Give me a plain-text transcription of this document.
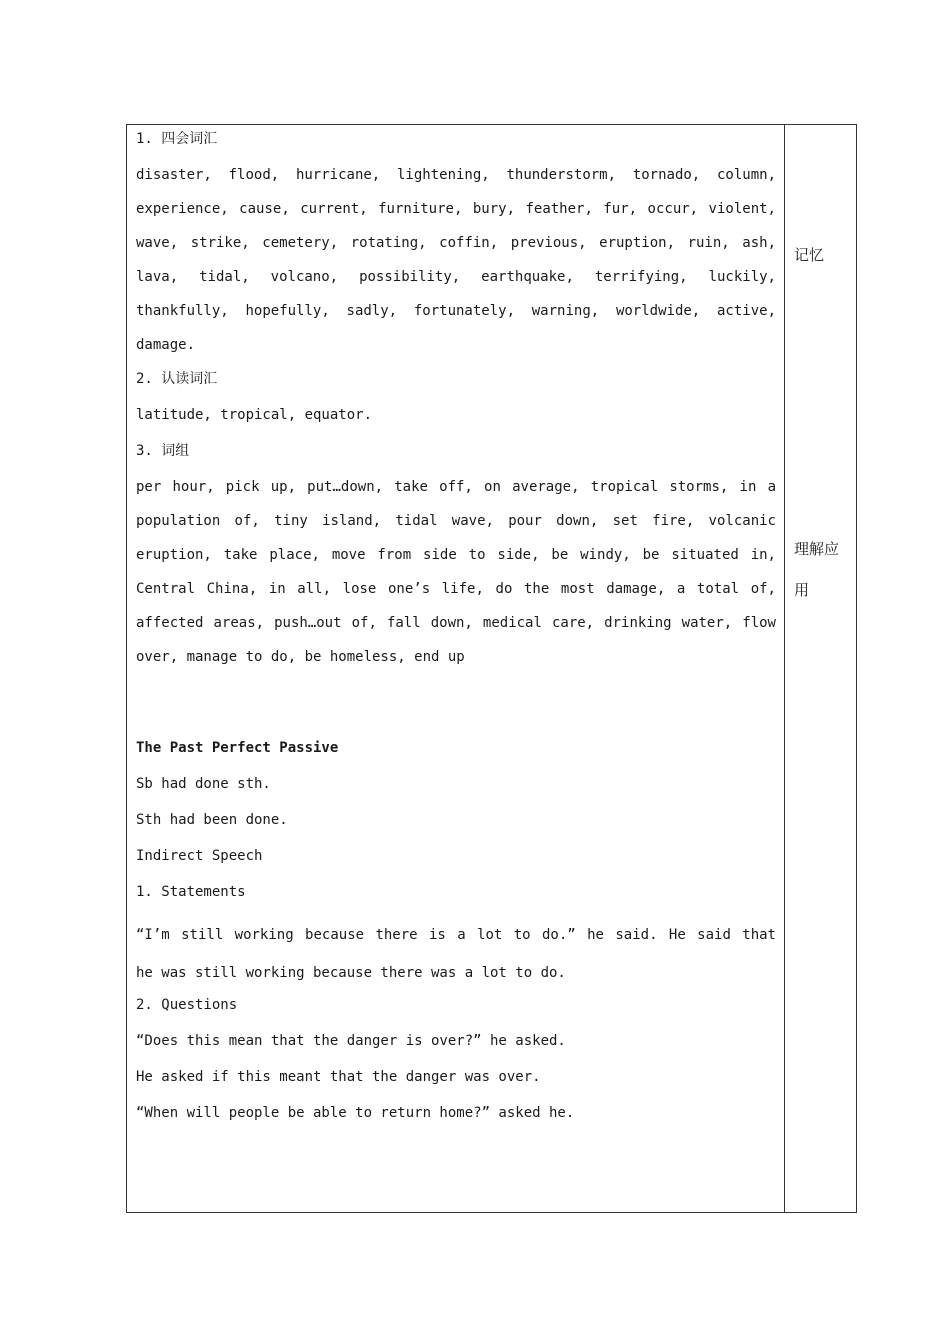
1. 四会词汇
disaster, flood, hurricane, lightening, thunderstorm, tornado, column,
experience, cause, current, furniture, bury, feather, fur, occur, violent,
wave, strike, cemetery, rotating, coffin, previous, eruption, ruin, ash,
lava, tidal, volcano, possibility, earthquake, terrifying, luckily,
thankfully, hopefully, sadly, fortunately, warning, worldwide, active,
damage.
2. 认读词汇
latitude, tropical, equator.
3. 词组
per hour, pick up, put…down, take off, on average, tropical storms, in a
population of, tiny island, tidal wave, pour down, set fire, volcanic
eruption, take place, move from side to side, be windy, be situated in,
Central China, in all, lose one’s life, do the most damage, a total of,
affected areas, push…out of, fall down, medical care, drinking water, flow
over, manage to do, be homeless, end up
The Past Perfect Passive
Sb had done sth.
Sth had been done.
Indirect Speech
1. Statements
“I’m still working because there is a lot to do.” he said. He said that
he was still working because there was a lot to do.
2. Questions
“Does this mean that the danger is over?” he asked.
He asked if this meant that the danger was over.
“When will people be able to return home?” asked he.
记忆
理解应
用
